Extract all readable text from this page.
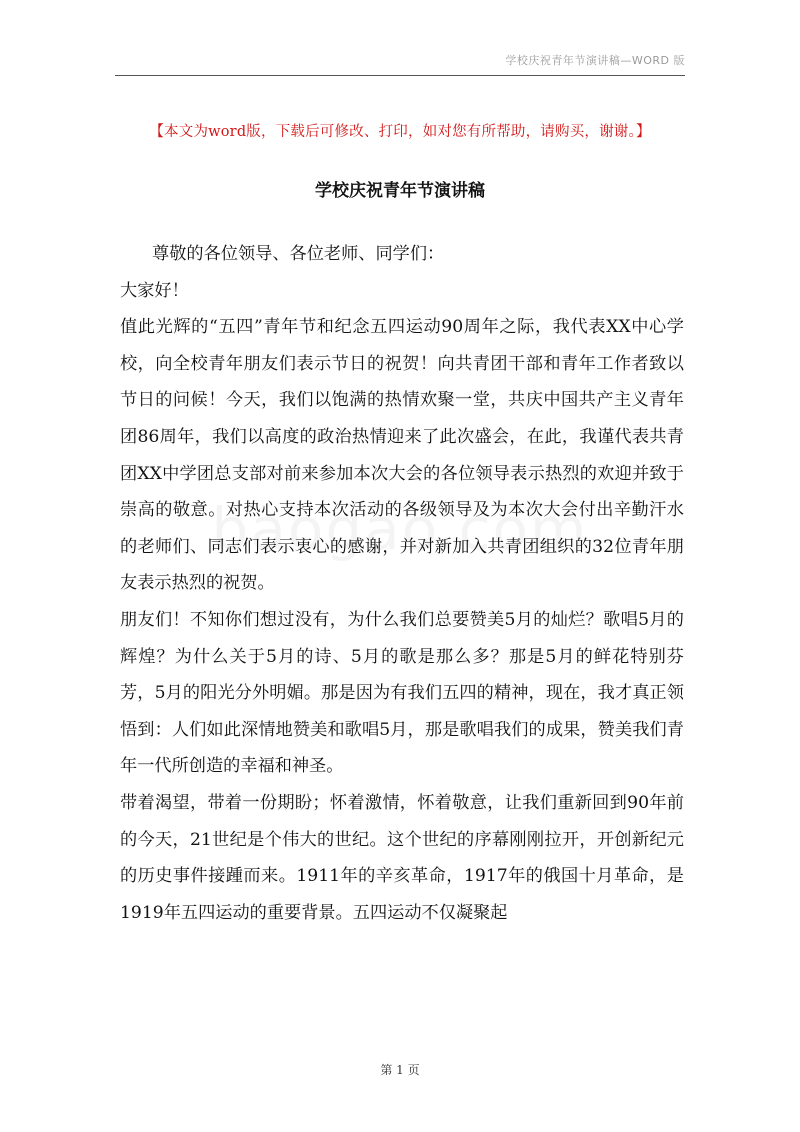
学校庆祝青年节演讲稿—WORD 版
【本文为word版，下载后可修改、打印，如对您有所帮助，请购买，谢谢。】
学校庆祝青年节演讲稿

尊敬的各位领导、各位老师、同学们：

大家好！

值此光辉的“五四”青年节和纪念五四运动90周年之际，我代表XX中心学校，向全校青年朋友们表示节日的祝贺！向共青团干部和青年工作者致以节日的问候！今天，我们以饱满的热情欢聚一堂，共庆中国共产主义青年团86周年，我们以高度的政治热情迎来了此次盛会，在此，我谨代表共青团XX中学团总支部对前来参加本次大会的各位领导表示热烈的欢迎并致于崇高的敬意。对热心支持本次活动的各级领导及为本次大会付出辛勤汗水的老师们、同志们表示衷心的感谢，并对新加入共青团组织的32位青年朋友表示热烈的祝贺。

朋友们！不知你们想过没有，为什么我们总要赞美5月的灿烂？歌唱5月的辉煌？为什么关于5月的诗、5月的歌是那么多？那是5月的鲜花特别芬芳，5月的阳光分外明媚。那是因为有我们五四的精神，现在，我才真正领悟到：人们如此深情地赞美和歌唱5月，那是歌唱我们的成果，赞美我们青年一代所创造的幸福和神圣。

带着渴望，带着一份期盼；怀着激情，怀着敬意，让我们重新回到90年前的今天，21世纪是个伟大的世纪。这个世纪的序幕刚刚拉开，开创新纪元的历史事件接踵而来。1911年的辛亥革命，1917年的俄国十月革命，是1919年五四运动的重要背景。五四运动不仅凝聚起

第 1 页
